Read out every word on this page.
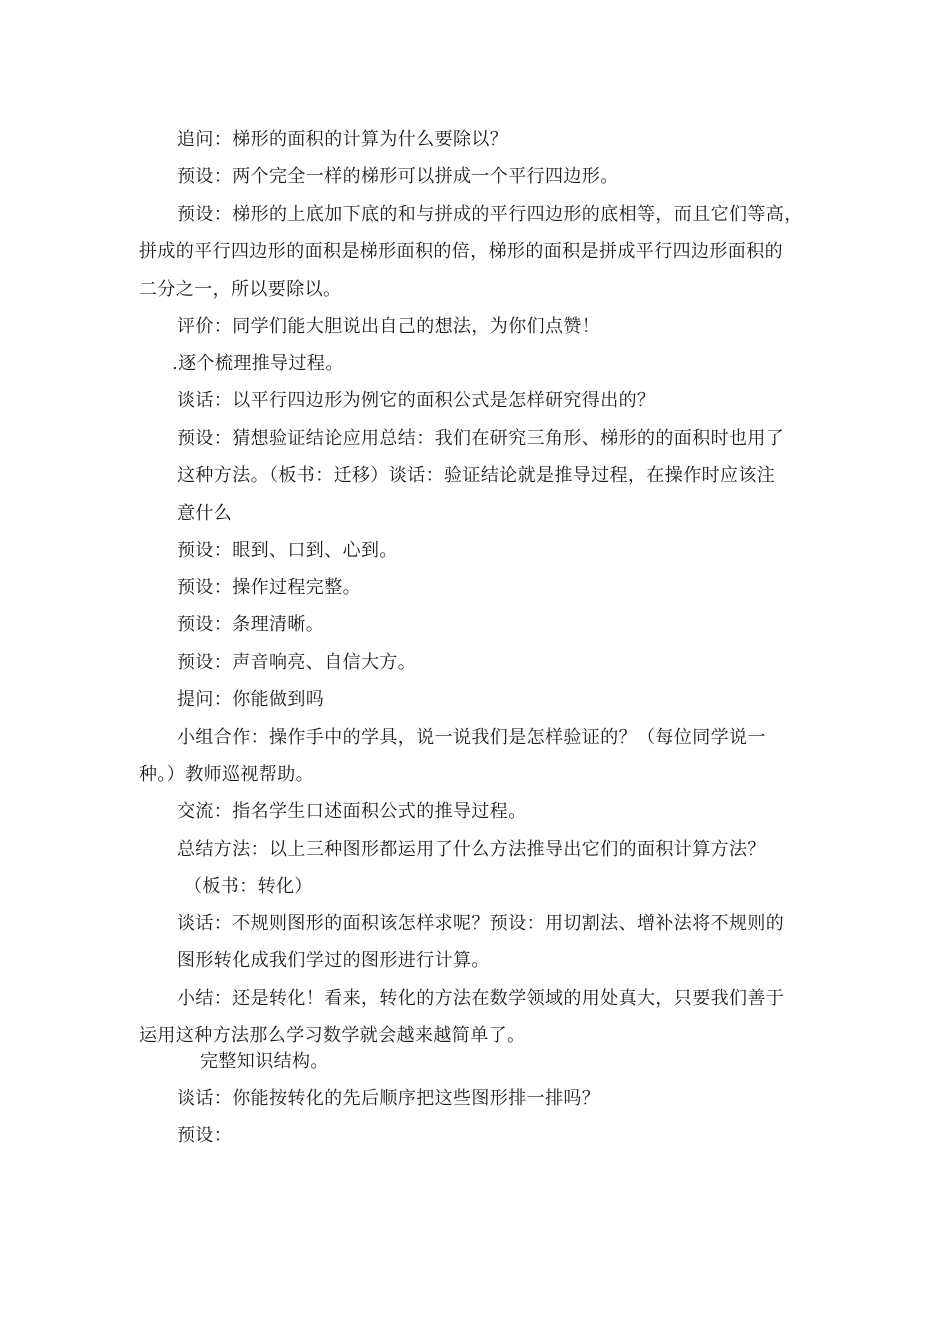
追问：梯形的面积的计算为什么要除以？
预设：两个完全一样的梯形可以拼成一个平行四边形。
预设：梯形的上底加下底的和与拼成的平行四边形的底相等，而且它们等高，
拼成的平行四边形的面积是梯形面积的倍，梯形的面积是拼成平行四边形面积的
二分之一，所以要除以。
评价：同学们能大胆说出自己的想法，为你们点赞！
.逐个梳理推导过程。
谈话：以平行四边形为例它的面积公式是怎样研究得出的？
预设：猜想验证结论应用总结：我们在研究三角形、梯形的的面积时也用了
这种方法。（板书：迁移）谈话：验证结论就是推导过程，在操作时应该注
意什么
预设：眼到、口到、心到。
预设：操作过程完整。
预设：条理清晰。
预设：声音响亮、自信大方。
提问：你能做到吗
小组合作：操作手中的学具，说一说我们是怎样验证的？（每位同学说一
种。）教师巡视帮助。
交流：指名学生口述面积公式的推导过程。
总结方法：以上三种图形都运用了什么方法推导出它们的面积计算方法？
（板书：转化）
谈话：不规则图形的面积该怎样求呢？预设：用切割法、增补法将不规则的
图形转化成我们学过的图形进行计算。
小结：还是转化！看来，转化的方法在数学领域的用处真大，只要我们善于
运用这种方法那么学习数学就会越来越简单了。
完整知识结构。
谈话：你能按转化的先后顺序把这些图形排一排吗？
预设：
